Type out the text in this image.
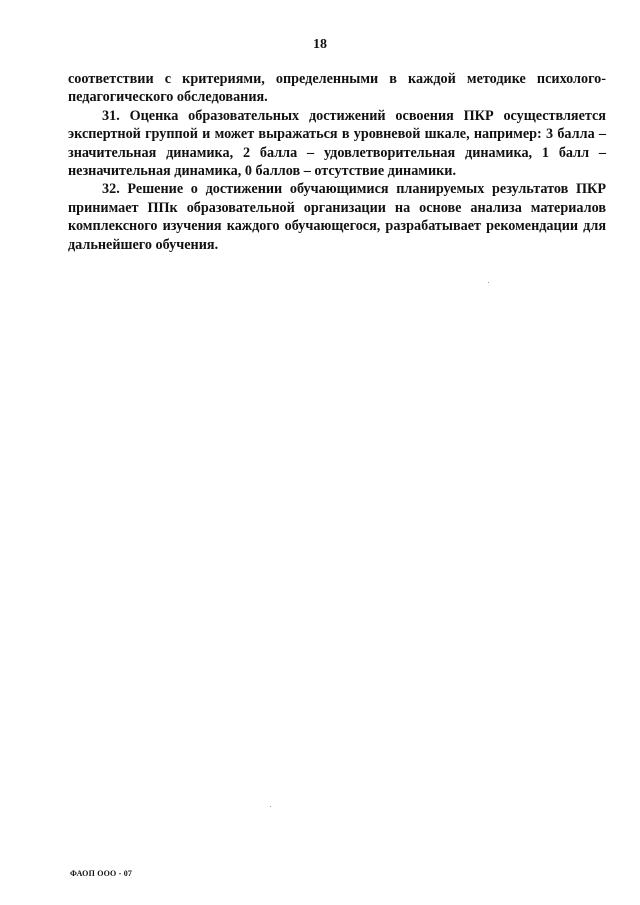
18

соответствии с критериями, определенными в каждой методике психолого-педагогического обследования.

31. Оценка образовательных достижений освоения ПКР осуществляется экспертной группой и может выражаться в уровневой шкале, например: 3 балла – значительная динамика, 2 балла – удовлетворительная динамика, 1 балл – незначительная динамика, 0 баллов – отсутствие динамики.

32. Решение о достижении обучающимися планируемых результатов ПКР принимает ППк образовательной организации на основе анализа материалов комплексного изучения каждого обучающегося, разрабатывает рекомендации для дальнейшего обучения.

ФАОП ООО - 07
